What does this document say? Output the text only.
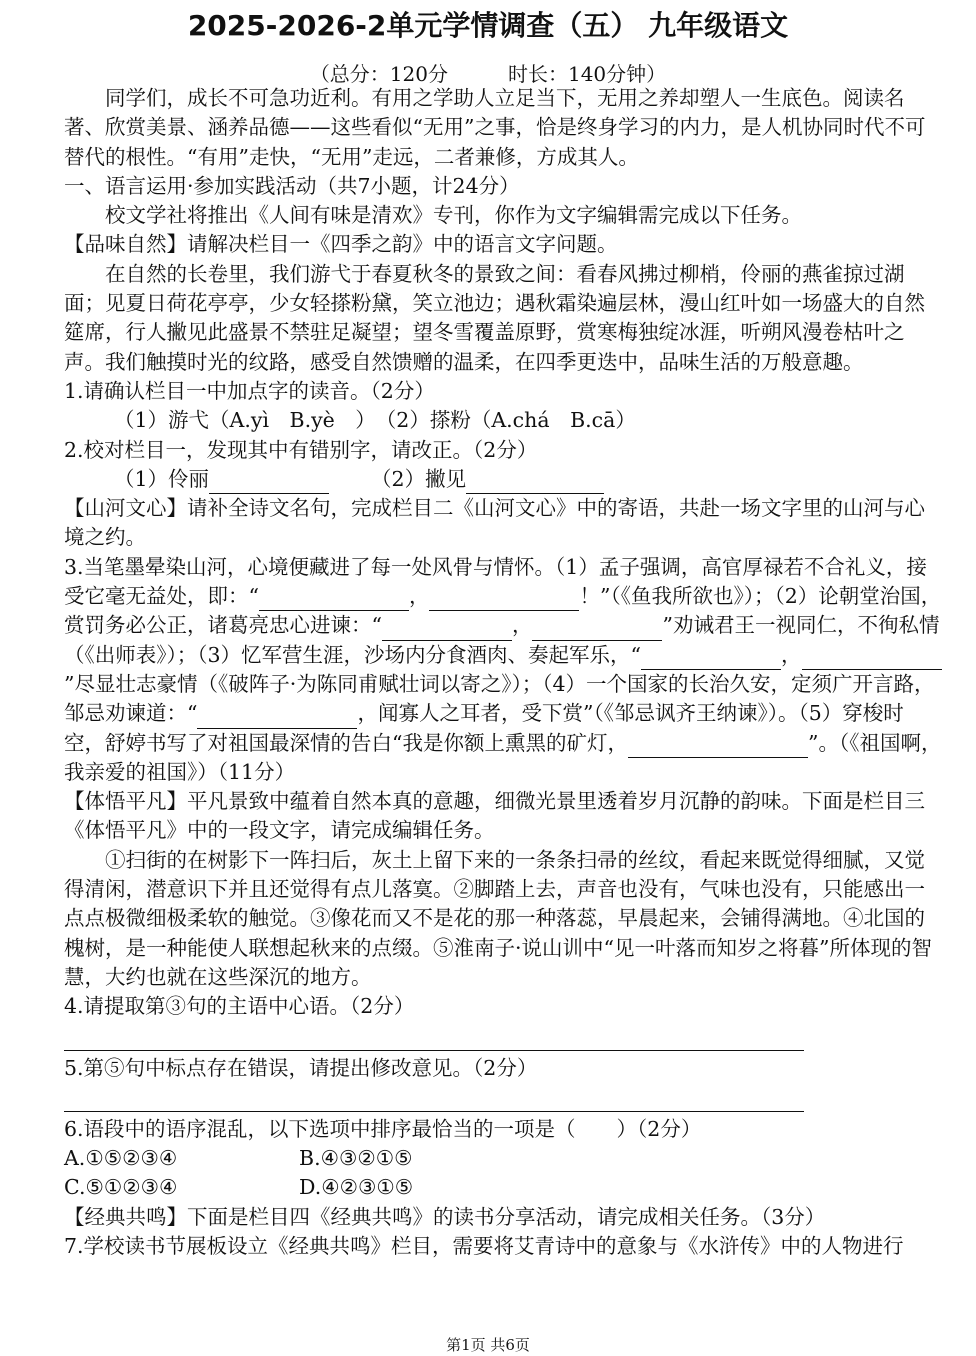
2025-2026-2单元学情调查（五） 九年级语文
（总分：120分　　　时长：140分钟）

同学们，成长不可急功近利。有用之学助人立足当下，无用之养却塑人一生底色。阅读名著、欣赏美景、涵养品德——这些看似“无用”之事，恰是终身学习的内力，是人机协同时代不可替代的根性。“有用”走快，“无用”走远，二者兼修，方成其人。

一、语言运用·参加实践活动（共7小题，计24分）

校文学社将推出《人间有味是清欢》专刊，你作为文字编辑需完成以下任务。

【品味自然】请解决栏目一《四季之韵》中的语言文字问题。

在自然的长卷里，我们游弋于春夏秋冬的景致之间：看春风拂过柳梢，伶丽的燕雀掠过湖面；见夏日荷花亭亭，少女轻搽粉黛，笑立池边；遇秋霜染遍层林，漫山红叶如一场盛大的自然筵席，行人撇见此盛景不禁驻足凝望；望冬雪覆盖原野，赏寒梅独绽冰涯，听朔风漫卷枯叶之声。我们触摸时光的纹路，感受自然馈赠的温柔，在四季更迭中，品味生活的万般意趣。

1.请确认栏目一中加点字的读音。（2分）

（1）游弋（A.yì　B.yè　）　（2）搽粉（A.chá　B.cā）

2.校对栏目一，发现其中有错别字，请改正。（2分）

（1）伶丽	（2）撇见

【山河文心】请补全诗文名句，完成栏目二《山河文心》中的寄语，共赴一场文字里的山河与心境之约。

3.当笔墨晕染山河，心境便藏进了每一处风骨与情怀。（1）孟子强调，高官厚禄若不合礼义，接受它毫无益处，即：“	，	！”（《鱼我所欲也》）；（2）论朝堂治国，赏罚务必公正，诸葛亮忠心进谏：“	，	”劝诫君王一视同仁，不徇私情（《出师表》）；（3）忆军营生涯，沙场内分食酒肉、奏起军乐，“	，”尽显壮志豪情（《破阵子·为陈同甫赋壮词以寄之》）；（4）一个国家的长治久安，定须广开言路，邹忌劝谏道：“	，闻寡人之耳者，受下赏”（《邹忌讽齐王纳谏》）。（5）穿梭时空，舒婷书写了对祖国最深情的告白“我是你额上熏黑的矿灯，	”。（《祖国啊，我亲爱的祖国》）（11分）

【体悟平凡】平凡景致中蕴着自然本真的意趣，细微光景里透着岁月沉静的韵味。下面是栏目三《体悟平凡》中的一段文字，请完成编辑任务。

①扫街的在树影下一阵扫后，灰土上留下来的一条条扫帚的丝纹，看起来既觉得细腻，又觉得清闲，潜意识下并且还觉得有点儿落寞。②脚踏上去，声音也没有，气味也没有，只能感出一点点极微细极柔软的触觉。③像花而又不是花的那一种落蕊，早晨起来，会铺得满地。④北国的槐树，是一种能使人联想起秋来的点缀。⑤淮南子·说山训中“见一叶落而知岁之将暮”所体现的智慧，大约也就在这些深沉的地方。

4.请提取第③句的主语中心语。（2分）

5.第⑤句中标点存在错误，请提出修改意见。（2分）

6.语段中的语序混乱，以下选项中排序最恰当的一项是（　　）（2分）

A.①⑤②③④	B.④③②①⑤
C.⑤①②③④	D.④②③①⑤

【经典共鸣】下面是栏目四《经典共鸣》的读书分享活动，请完成相关任务。（3分）

7.学校读书节展板设立《经典共鸣》栏目，需要将艾青诗中的意象与《水浒传》中的人物进行

第1页 共6页
